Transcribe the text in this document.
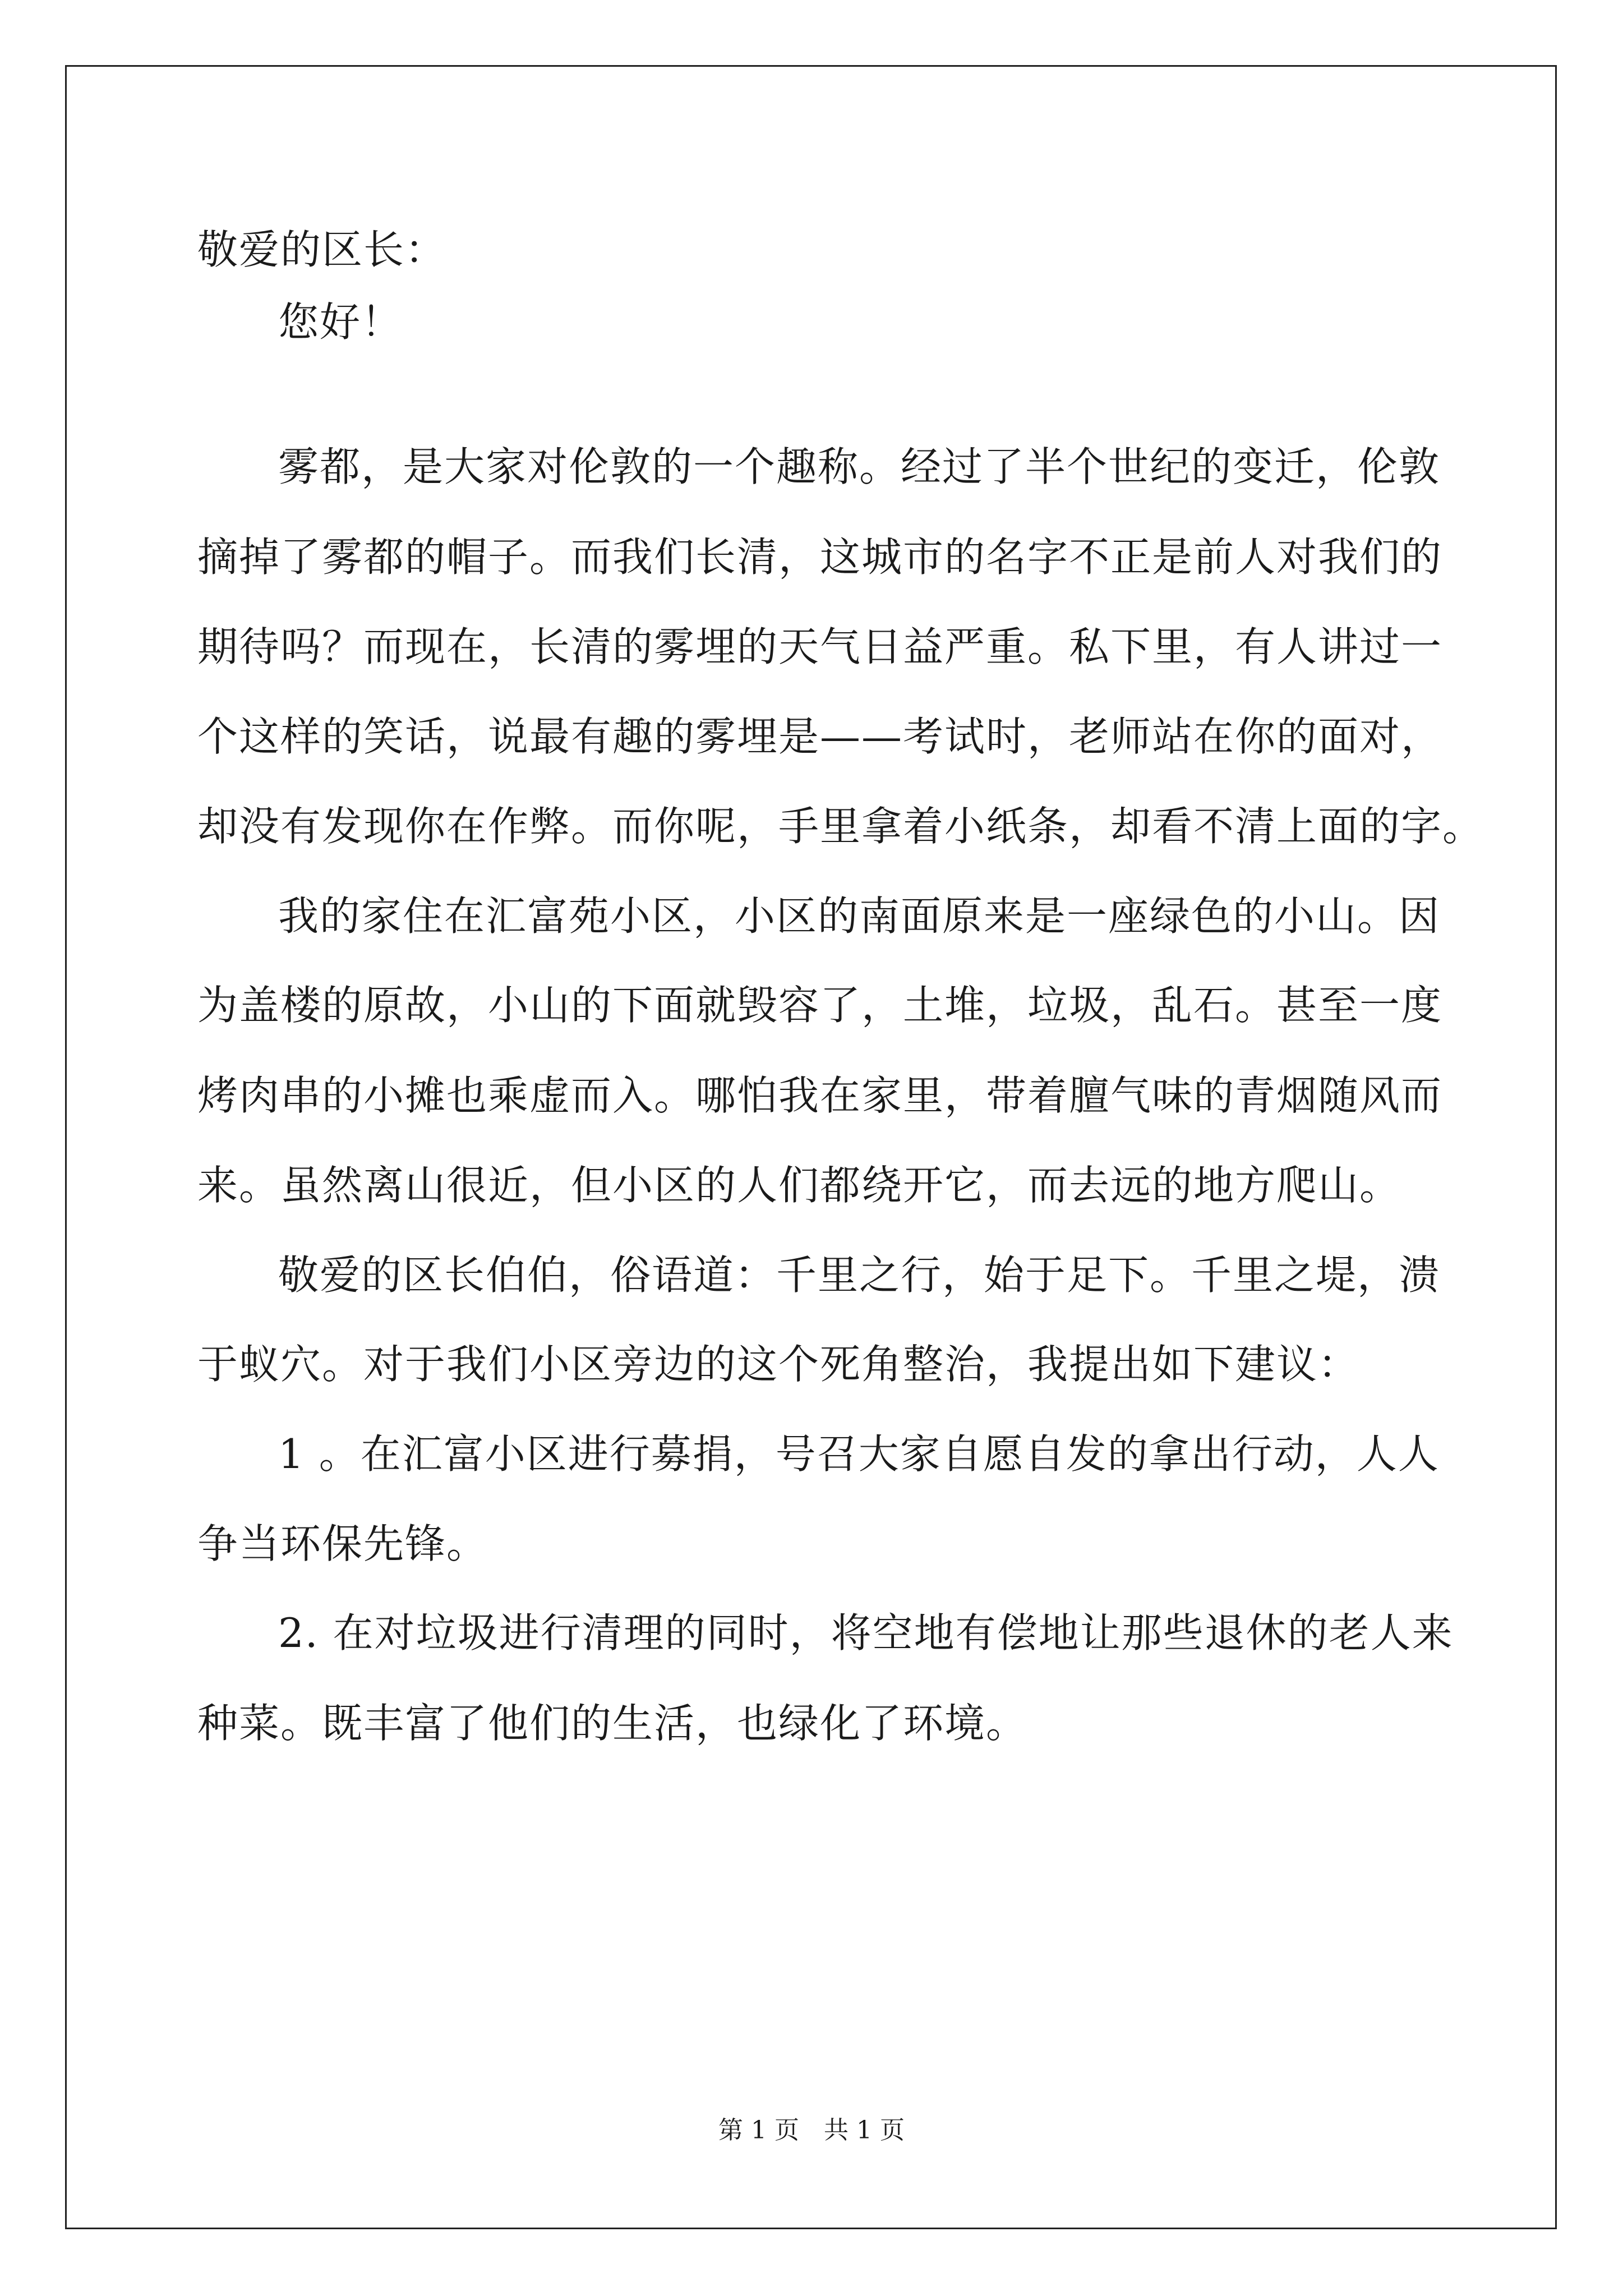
敬爱的区长：
您好！
雾都，是大家对伦敦的一个趣称。经过了半个世纪的变迁，伦敦
摘掉了雾都的帽子。而我们长清，这城市的名字不正是前人对我们的
期待吗？而现在，长清的雾埋的天气日益严重。私下里，有人讲过一
个这样的笑话，说最有趣的雾埋是——考试时，老师站在你的面对，
却没有发现你在作弊。而你呢，手里拿着小纸条，却看不清上面的字。
我的家住在汇富苑小区，小区的南面原来是一座绿色的小山。因
为盖楼的原故，小山的下面就毁容了，土堆，垃圾，乱石。甚至一度
烤肉串的小摊也乘虚而入。哪怕我在家里，带着膻气味的青烟随风而
来。虽然离山很近，但小区的人们都绕开它，而去远的地方爬山。
敬爱的区长伯伯，俗语道：千里之行，始于足下。千里之堤，溃
于蚁穴。对于我们小区旁边的这个死角整治，我提出如下建议：
1 。在汇富小区进行募捐，号召大家自愿自发的拿出行动，人人
争当环保先锋。
2. 在对垃圾进行清理的同时，将空地有偿地让那些退休的老人来
种菜。既丰富了他们的生活，也绿化了环境。
第 1 页　共 1 页
